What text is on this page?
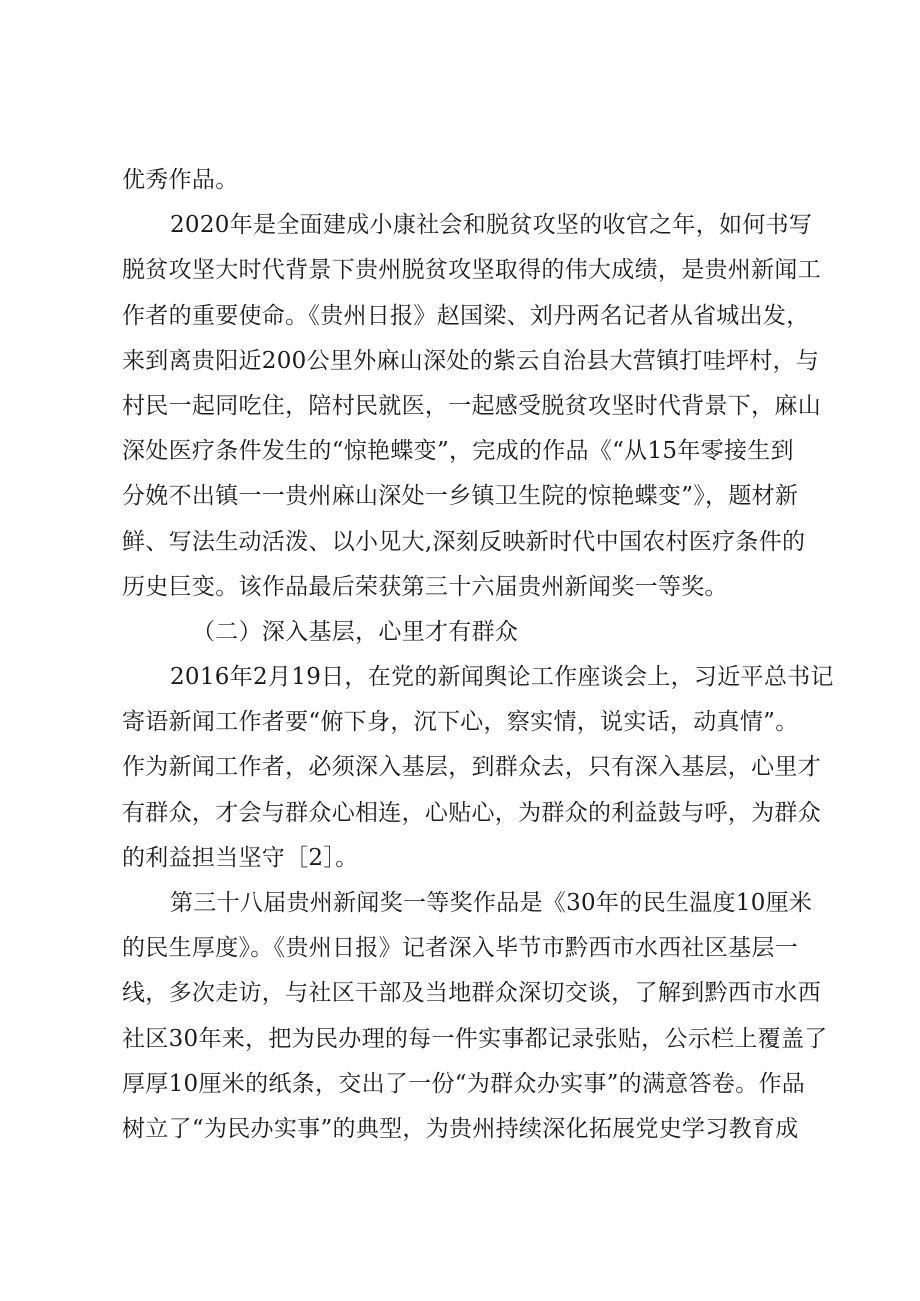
优秀作品。
2020年是全面建成小康社会和脱贫攻坚的收官之年，如何书写
脱贫攻坚大时代背景下贵州脱贫攻坚取得的伟大成绩，是贵州新闻工
作者的重要使命。《贵州日报》赵国梁、刘丹两名记者从省城出发，
来到离贵阳近200公里外麻山深处的紫云自治县大营镇打哇坪村，与
村民一起同吃住，陪村民就医，一起感受脱贫攻坚时代背景下，麻山
深处医疗条件发生的“惊艳蝶变”，完成的作品《“从15年零接生到
分娩不出镇一一贵州麻山深处一乡镇卫生院的惊艳蝶变”》，题材新
鲜、写法生动活泼、以小见大,深刻反映新时代中国农村医疗条件的
历史巨变。该作品最后荣获第三十六届贵州新闻奖一等奖。
（二）深入基层，心里才有群众
2016年2月19日，在党的新闻舆论工作座谈会上，习近平总书记
寄语新闻工作者要“俯下身，沉下心，察实情，说实话，动真情”。
作为新闻工作者，必须深入基层，到群众去，只有深入基层，心里才
有群众，才会与群众心相连，心贴心，为群众的利益鼓与呼，为群众
的利益担当坚守［2］。
第三十八届贵州新闻奖一等奖作品是《30年的民生温度10厘米
的民生厚度》。《贵州日报》记者深入毕节市黔西市水西社区基层一
线，多次走访，与社区干部及当地群众深切交谈，了解到黔西市水西
社区30年来，把为民办理的每一件实事都记录张贴，公示栏上覆盖了
厚厚10厘米的纸条，交出了一份“为群众办实事”的满意答卷。作品
树立了“为民办实事”的典型，为贵州持续深化拓展党史学习教育成
